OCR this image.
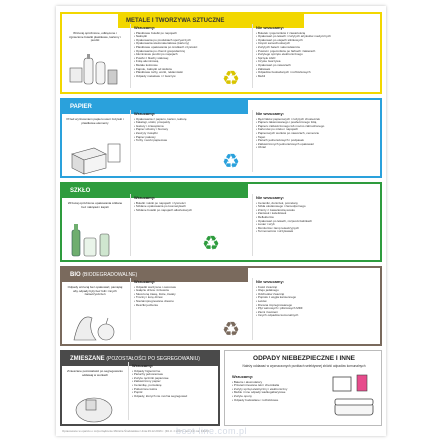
METALE I TWORZYWA SZTUCZNE
Wrzucaj opróżnione, odkręcone i zgniecione butelki plastikowe, kartony i puszki
Wrzucamy:
• Plastikowe butelki po napojach
• Nakrętki
• Opakowania po produktach spożywczych
• Opakowania wielomateriałowe (kartony)
• Plastikowe opakowania po środkach czystości
• Opakowania po chemii gospodarczej
• Aluminiowe puszki po napojach
• Puszki z blachy stalowej
• Folię aluminiową
• Metale kolorowe
• Kapsle, zakrętki od słoików
• Plastikowe torby, worki, reklamówki
• Odpady metalowe i z tworzyw	♻
Nie wrzucamy:
• Butelek i pojemników z zawartością
• Opakowań po lekach i zużytych artykułów medycznych
• Opakowań po olejach silnikowych
• Części samochodowych
• Zużytych baterii i akumulatorów
• Puszek i pojemników po farbach i lakierach
• Zużytego sprzętu elektronicznego
• Sprzętu AGD
• Czyste tworzywa
• Opakowań po nawozach
• Zabawek
• Odpadów budowlanych i rozbiórkowych
• Mebli
PAPIER
Przed wyrzuceniem papieru usuń zszywki i plastikowe elementy
Wrzucamy:
• Opakowania z papieru, karton, tekturę
• Katalogi, ulotki, prospekty
• Gazety i czasopisma
• Papier szkolny i biurowy
• Zeszyty i książki
• Papier pakowy
• Torby i worki papierowe
♻
Nie wrzucamy:
• Ręczników papierowych i zużytych chusteczek
• Papieru lakierowanego i powleczonego folią
• Papieru zatłuszczonego lub mocno zabrudzonego
• Kartonów po mleku i napojach
• Papierowych worków po nawozach, cemencie
• Tapet
• Pieluch jednorazowych i podpasek
• Zatłuszczonych jednorazowych opakowań
• Ubrań
SZKŁO
Wrzucaj opróżnione opakowania szklane bez nakrętek i kapsli
Wrzucamy:
• Butelki i słoiki po napojach i żywności
• Szklane opakowania po kosmetykach
• Szklane butelki po napojach alkoholowych
♻
Nie wrzucamy:
• Ceramiki, doniczek, porcelany
• Szkła okularowego i żaroodpornego
• Zniczy z zawartością wosku
• Żarówek i świetlówek
• Reflektorów
• Opakowań po lekach, rozpuszczalnikach
• Luster i szyb
• Monitorów i lamp telewizyjnych
• Termometrów i strzykawek
BIO (BIODEGRADOWALNE)
Odpady wrzucaj bez opakowań; pamiętaj aby odpady były bez folii i innych zanieczyszczeń
Wrzucamy:
• Odpadki warzywne i owocowe
• Gałęzie drzew i krzewów
• Skoszoną trawę, liście, kwiaty
• Trociny i korę drzew
• Niezaimpregnowane drewno
• Resztki jedzenia
♻
Nie wrzucamy:
• Kości zwierząt
• Oleju jadalnego
• Odchodów zwierząt
• Popiołu z węgla kamiennego
• Leków
• Drewna impregnowanego
• Płyt wiórowych i pilśniowych MDF
• Ziemi i kamieni
• Innych odpadów komunalnych
ZMIESZANE (POZOSTAŁOŚCI PO SEGREGOWANIU)
Zmieszane pozostałości po segregowaniu oddawaj w workach
Wrzucamy:
• Odpady higieniczne
• Pieluchy jednorazowe
• Zużyte ręczniki papierowe
• Zatłuszczony papier
• Ceramikę, porcelanę
• Potłuczone lustra
• Popiół
• Odpady, których nie można segregować
ODPADY NIEBEZPIECZNE I INNE
Należy oddawać w wyznaczonych punktach selektywnej zbiórki odpadów komunalnych
Wrzucamy:
• Baterie i akumulatory
• Przeterminowane leki i chemikalia
• Zużyty sprzęt elektryczny i elektroniczny
• Meble i inne odpady wielkogabarytowe
• Zużyte opony
• Odpady budowlane i rozbiórkowe
Opracowano w oparciu o rozporządzenie Ministra Środowiska z dnia 29.12.2016 r. (Dz.U. z 2017 r. poz. 19) ws. KZMO
best-line.com.pl
